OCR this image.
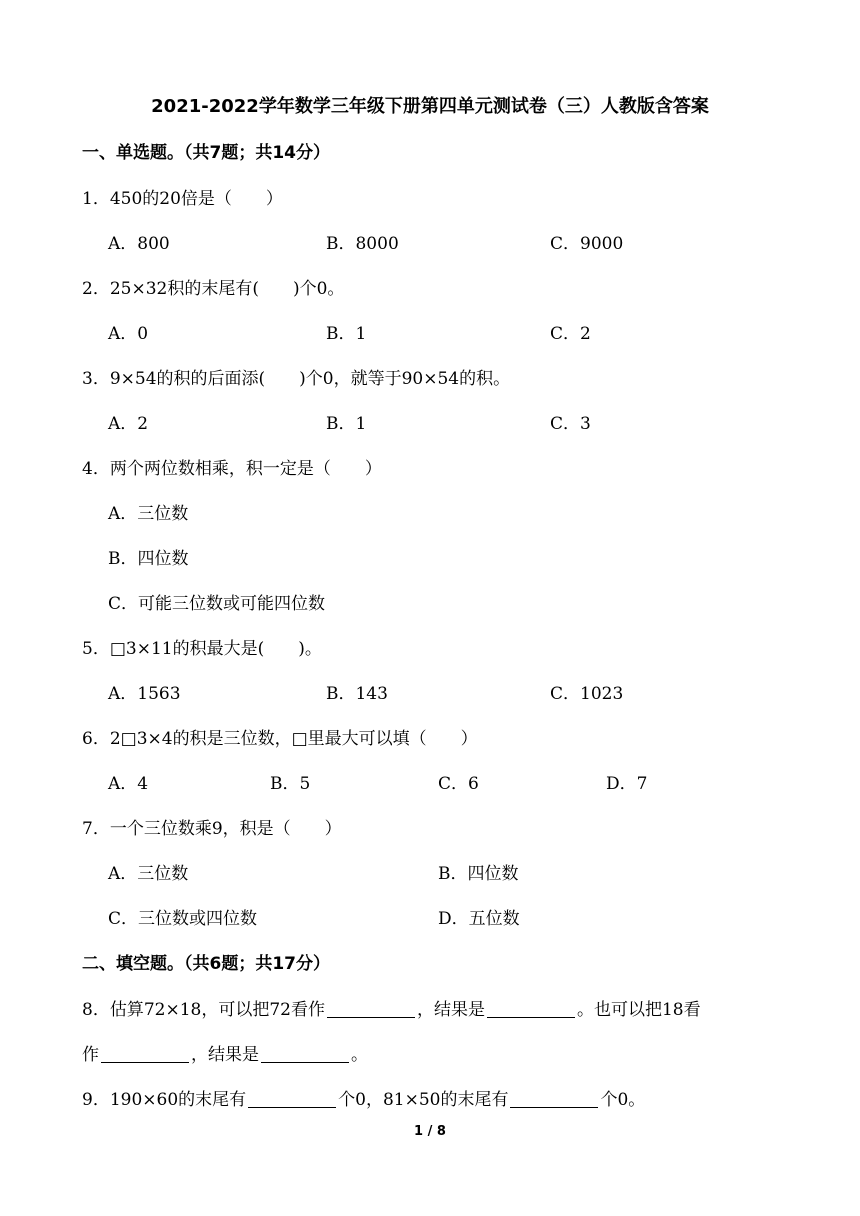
2021-2022学年数学三年级下册第四单元测试卷（三）人教版含答案
一、单选题。（共7题；共14分）
1．450的20倍是（　　）
A．800	B．8000	C．9000
2．25×32积的末尾有(　　)个0。
A．0	B．1	C．2
3．9×54的积的后面添(　　)个0，就等于90×54的积。
A．2	B．1	C．3
4．两个两位数相乘，积一定是（　　）
A．三位数
B．四位数
C．可能三位数或可能四位数
5．□3×11的积最大是(　　)。
A．1563	B．143	C．1023
6．2□3×4的积是三位数，□里最大可以填（　　）
A．4	B．5	C．6	D．7
7．一个三位数乘9，积是（　　）
A．三位数	B．四位数
C．三位数或四位数	D．五位数
二、填空题。（共6题；共17分）
8．估算72×18，可以把72看作	，结果是	。也可以把18看
作	，结果是	。
9．190×60的末尾有	个0，81×50的末尾有	个0。
1 / 8
